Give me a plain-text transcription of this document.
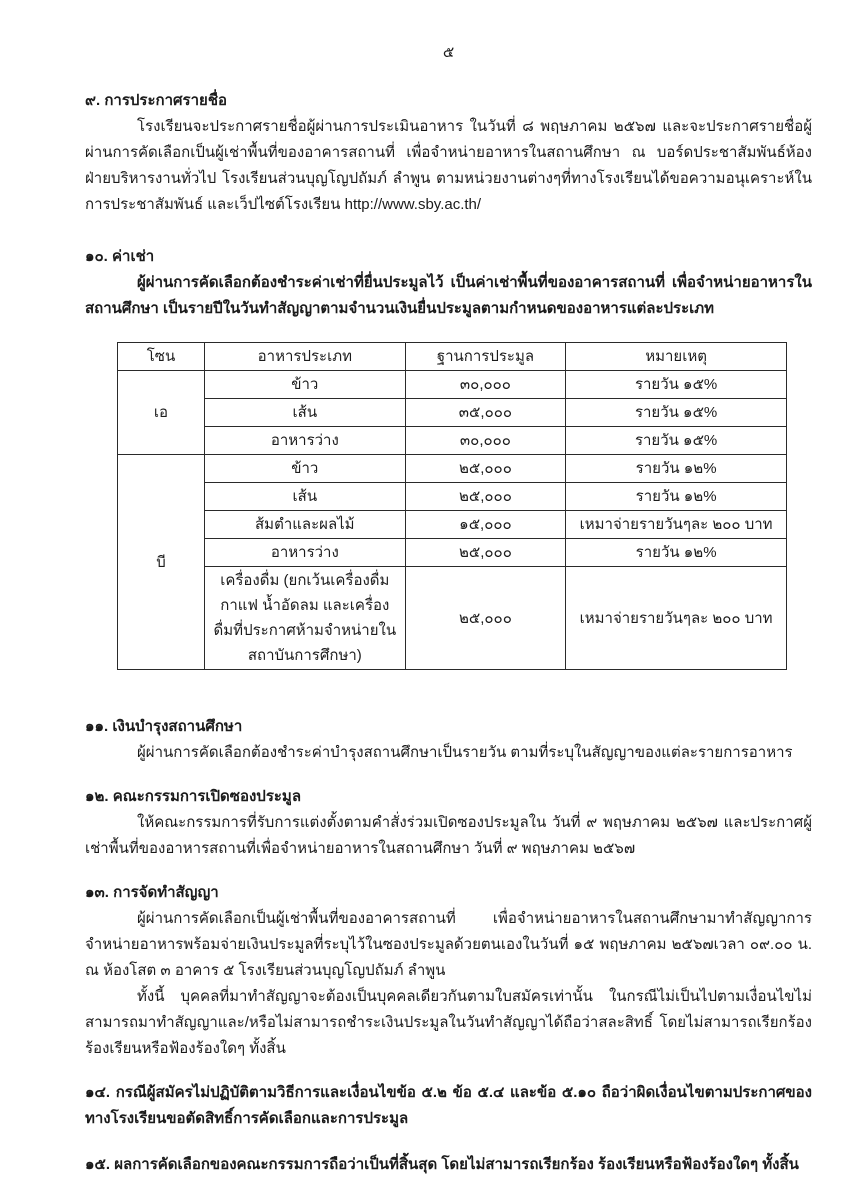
๕
๙. การประกาศรายชื่อ

โรงเรียนจะประกาศรายชื่อผู้ผ่านการประเมินอาหาร ในวันที่ ๘ พฤษภาคม ๒๕๖๗ และจะประกาศรายชื่อผู้ผ่านการคัดเลือกเป็นผู้เช่าพื้นที่ของอาคารสถานที่ เพื่อจำหน่ายอาหารในสถานศึกษา ณ บอร์ดประชาสัมพันธ์ห้องฝ่ายบริหารงานทั่วไป โรงเรียนส่วนบุญโญปถัมภ์ ลำพูน ตามหน่วยงานต่างๆที่ทางโรงเรียนได้ขอความอนุเคราะห์ในการประชาสัมพันธ์ และเว็ปไซต์โรงเรียน http://www.sby.ac.th/

๑๐. ค่าเช่า

ผู้ผ่านการคัดเลือกต้องชำระค่าเช่าที่ยื่นประมูลไว้ เป็นค่าเช่าพื้นที่ของอาคารสถานที่ เพื่อจำหน่ายอาหารในสถานศึกษา เป็นรายปีในวันทำสัญญาตามจำนวนเงินยื่นประมูลตามกำหนดของอาหารแต่ละประเภท

โซน	อาหารประเภท	ฐานการประมูล	หมายเหตุ
เอ	ข้าว	๓๐,๐๐๐	รายวัน ๑๕%
	เส้น	๓๕,๐๐๐	รายวัน ๑๕%
	อาหารว่าง	๓๐,๐๐๐	รายวัน ๑๕%
บี	ข้าว	๒๕,๐๐๐	รายวัน ๑๒%
	เส้น	๒๕,๐๐๐	รายวัน ๑๒%
	ส้มตำและผลไม้	๑๕,๐๐๐	เหมาจ่ายรายวันๆละ ๒๐๐ บาท
	อาหารว่าง	๒๕,๐๐๐	รายวัน ๑๒%
	เครื่องดื่ม (ยกเว้นเครื่องดื่มกาแฟ น้ำอัดลม และเครื่องดื่มที่ประกาศห้ามจำหน่ายในสถาบันการศึกษา)	๒๕,๐๐๐	เหมาจ่ายรายวันๆละ ๒๐๐ บาท
๑๑. เงินบำรุงสถานศึกษา

ผู้ผ่านการคัดเลือกต้องชำระค่าบำรุงสถานศึกษาเป็นรายวัน ตามที่ระบุในสัญญาของแต่ละรายการอาหาร

๑๒. คณะกรรมการเปิดซองประมูล

ให้คณะกรรมการที่รับการแต่งตั้งตามคำสั่งร่วมเปิดซองประมูลใน วันที่ ๙ พฤษภาคม ๒๕๖๗ และประกาศผู้เช่าพื้นที่ของอาหารสถานที่เพื่อจำหน่ายอาหารในสถานศึกษา วันที่ ๙ พฤษภาคม ๒๕๖๗

๑๓. การจัดทำสัญญา

ผู้ผ่านการคัดเลือกเป็นผู้เช่าพื้นที่ของอาคารสถานที่ เพื่อจำหน่ายอาหารในสถานศึกษามาทำสัญญาการจำหน่ายอาหารพร้อมจ่ายเงินประมูลที่ระบุไว้ในซองประมูลด้วยตนเองในวันที่ ๑๕ พฤษภาคม ๒๕๖๗เวลา ๐๙.๐๐ น. ณ ห้องโสต ๓ อาคาร ๕ โรงเรียนส่วนบุญโญปถัมภ์ ลำพูน

ทั้งนี้ บุคคลที่มาทำสัญญาจะต้องเป็นบุคคลเดียวกันตามใบสมัครเท่านั้น ในกรณีไม่เป็นไปตามเงื่อนไขไม่สามารถมาทำสัญญาและ/หรือไม่สามารถชำระเงินประมูลในวันทำสัญญาได้ถือว่าสละสิทธิ์ โดยไม่สามารถเรียกร้อง ร้องเรียนหรือฟ้องร้องใดๆ ทั้งสิ้น

๑๔. กรณีผู้สมัครไม่ปฏิบัติตามวิธีการและเงื่อนไขข้อ ๕.๒ ข้อ ๕.๔ และข้อ ๕.๑๐ ถือว่าผิดเงื่อนไขตามประกาศของทางโรงเรียนขอตัดสิทธิ์การคัดเลือกและการประมูล

๑๕. ผลการคัดเลือกของคณะกรรมการถือว่าเป็นที่สิ้นสุด โดยไม่สามารถเรียกร้อง ร้องเรียนหรือฟ้องร้องใดๆ ทั้งสิ้น
